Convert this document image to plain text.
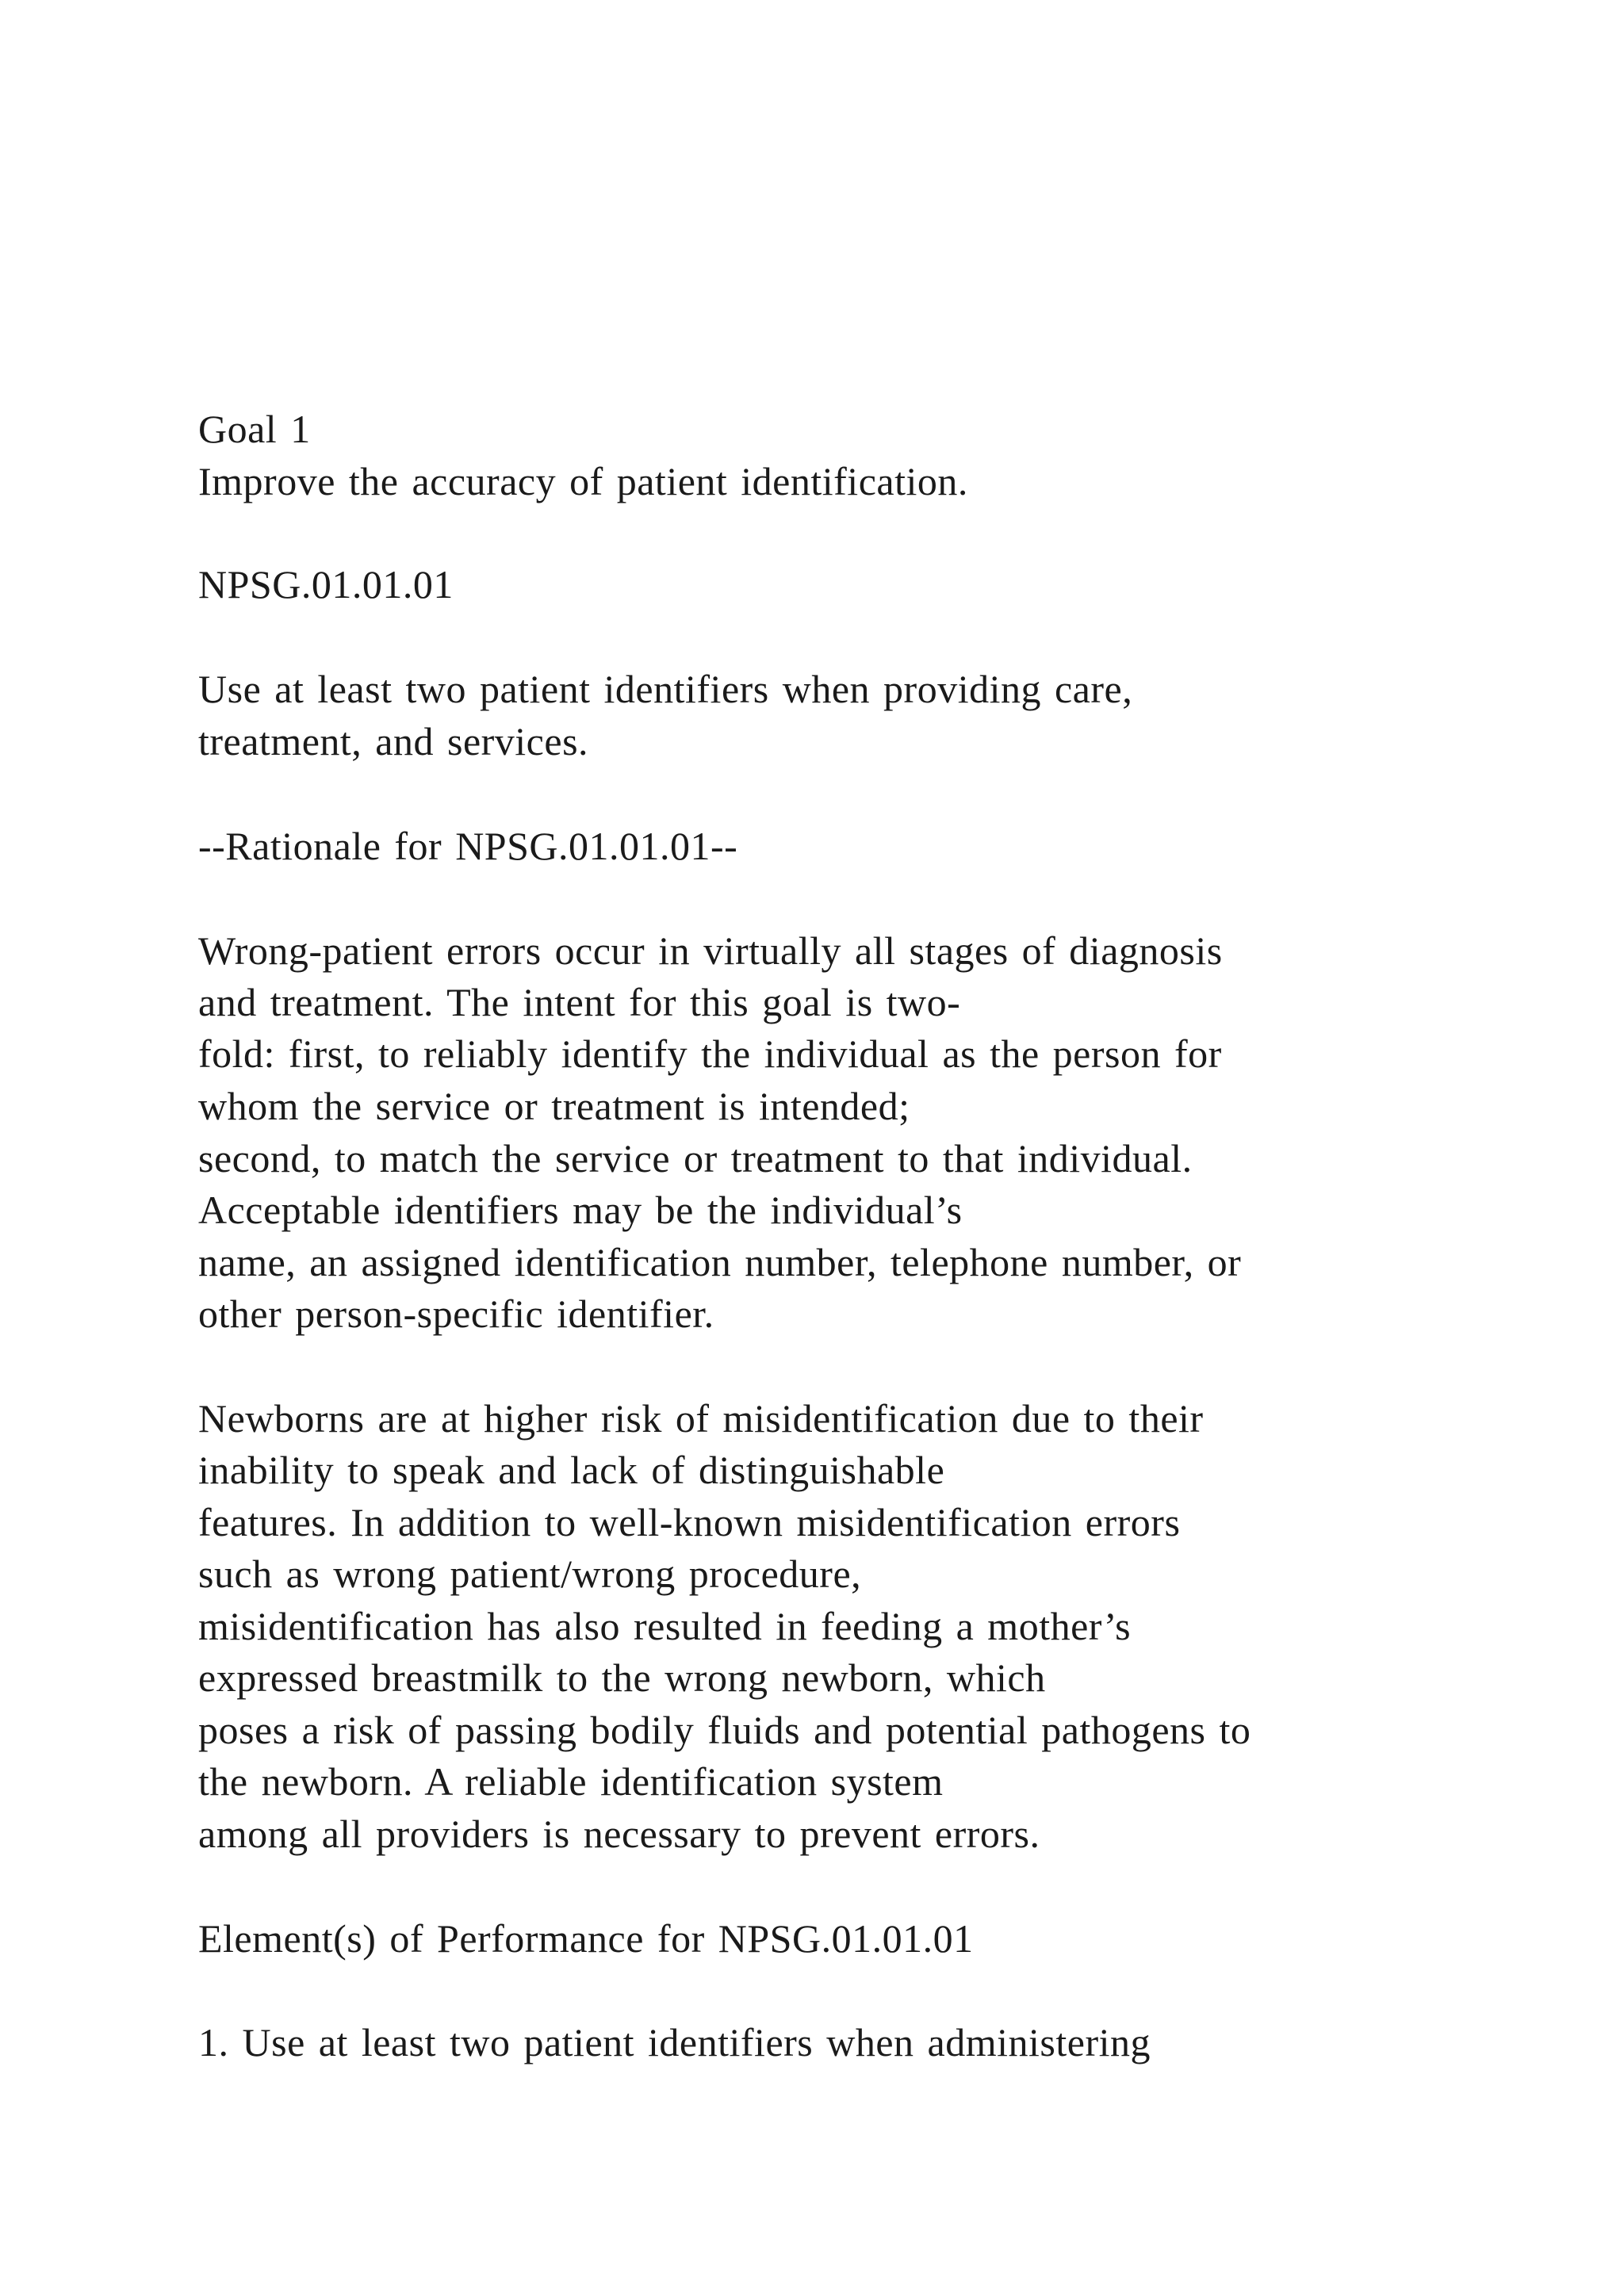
Goal 1
Improve the accuracy of patient identification.
NPSG.01.01.01
Use at least two patient identifiers when providing care,
treatment, and services.
--Rationale for NPSG.01.01.01--
Wrong-patient errors occur in virtually all stages of diagnosis
and treatment. The intent for this goal is two-
fold: first, to reliably identify the individual as the person for
whom the service or treatment is intended;
second, to match the service or treatment to that individual.
Acceptable identifiers may be the individual’s
name, an assigned identification number, telephone number, or
other person-specific identifier.
Newborns are at higher risk of misidentification due to their
inability to speak and lack of distinguishable
features. In addition to well-known misidentification errors
such as wrong patient/wrong procedure,
misidentification has also resulted in feeding a mother’s
expressed breastmilk to the wrong newborn, which
poses a risk of passing bodily fluids and potential pathogens to
the newborn. A reliable identification system
among all providers is necessary to prevent errors.
Element(s) of Performance for NPSG.01.01.01
1. Use at least two patient identifiers when administering
